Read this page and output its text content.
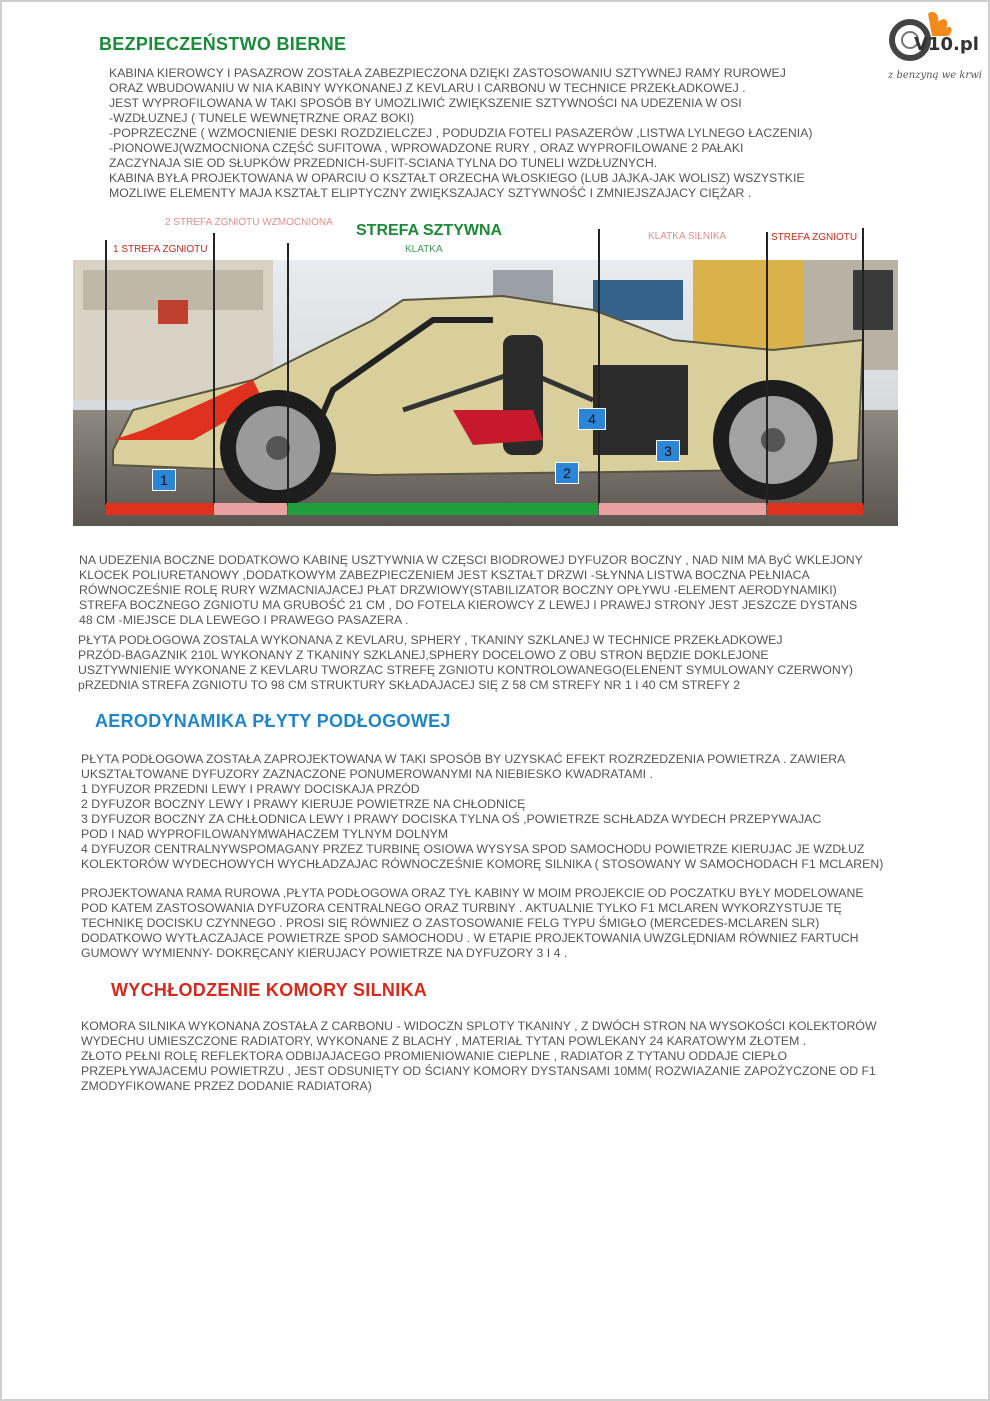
V10.pl
z benzyną we krwi
BEZPIECZEŃSTWO BIERNE

KABINA KIEROWCY I PASAZROW ZOSTAŁA ZABEZPIECZONA DZIĘKI ZASTOSOWANIU SZTYWNEJ RAMY RUROWEJ
ORAZ WBUDOWANIU W NIA KABINY WYKONANEJ Z KEVLARU I CARBONU W TECHNICE PRZEKŁADKOWEJ .
JEST WYPROFILOWANA W TAKI SPOSÓB BY UMOZLIWIĆ ZWIĘKSZENIE SZTYWNOŚCI NA UDEZENIA W OSI
-WZDŁUZNEJ ( TUNELE WEWNĘTRZNE ORAZ BOKI)
-POPRZECZNE ( WZMOCNIENIE DESKI ROZDZIELCZEJ , PODUDZIA FOTELI PASAZERÓW ,LISTWA LYLNEGO ŁACZENIA)
-PIONOWEJ(WZMOCNIONA CZĘŚĆ SUFITOWA , WPROWADZONE RURY , ORAZ WYPROFILOWANE 2 PAŁAKI
ZACZYNAJA SIE OD SŁUPKÓW PRZEDNICH-SUFIT-SCIANA TYLNA DO TUNELI WZDŁUZNYCH.
KABINA BYŁA PROJEKTOWANA W OPARCIU O KSZTAŁT ORZECHA WŁOSKIEGO (LUB JAJKA-JAK WOLISZ) WSZYSTKIE
MOZLIWE ELEMENTY MAJA KSZTAŁT ELIPTYCZNY ZWIĘKSZAJACY SZTYWNOŚĆ I ZMNIEJSZAJACY CIĘŻAR .

2 STREFA ZGNIOTU WZMOCNIONA
1 STREFA ZGNIOTU
STREFA SZTYWNA
KLATKA
KLATKA SILNIKA	STREFA ZGNIOTU
1	2
3
4

NA UDEZENIA BOCZNE DODATKOWO KABINĘ USZTYWNIA W CZĘSCI BIODROWEJ DYFUZOR BOCZNY , NAD NIM MA ByĆ WKLEJONY
KLOCEK POLIURETANOWY ,DODATKOWYM ZABEZPIECZENIEM JEST KSZTAŁT DRZWI -SŁYNNA LISTWA BOCZNA PEŁNIACA
RÓWNOCZEŚNIE ROLĘ RURY WZMACNIAJACEJ PŁAT DRZWIOWY(STABILIZATOR BOCZNY OPŁYWU -ELEMENT AERODYNAMIKI)
STREFA BOCZNEGO ZGNIOTU MA GRUBOŚĆ 21 CM , DO FOTELA KIEROWCY Z LEWEJ I PRAWEJ STRONY JEST JESZCZE DYSTANS
48 CM -MIEJSCE DLA LEWEGO I PRAWEGO PASAZERA .

PŁYTA PODŁOGOWA ZOSTALA WYKONANA Z KEVLARU, SPHERY , TKANINY SZKLANEJ W TECHNICE PRZEKŁADKOWEJ
PRZÓD-BAGAZNIK 210L WYKONANY Z TKANINY SZKLANEJ,SPHERY DOCELOWO Z OBU STRON BĘDZIE DOKLEJONE
USZTYWNIENIE WYKONANE Z KEVLARU TWORZAC STREFĘ ZGNIOTU KONTROLOWANEGO(ELENENT SYMULOWANY CZERWONY)
pRZEDNIA STREFA ZGNIOTU TO 98 CM STRUKTURY SKŁADAJACEJ SIĘ Z 58 CM STREFY NR 1 I 40 CM STREFY 2

AERODYNAMIKA PŁYTY PODŁOGOWEJ

PŁYTA PODŁOGOWA ZOSTAŁA ZAPROJEKTOWANA W TAKI SPOSÓB BY UZYSKAĆ EFEKT ROZRZEDZENIA POWIETRZA . ZAWIERA
UKSZTAŁTOWANE DYFUZORY ZAZNACZONE PONUMEROWANYMI NA NIEBIESKO KWADRATAMI .
1 DYFUZOR PRZEDNI LEWY I PRAWY DOCISKAJA PRZÓD
2 DYFUZOR BOCZNY LEWY I PRAWY KIERUJE POWIETRZE NA CHŁODNICĘ
3 DYFUZOR BOCZNY ZA CHŁŁODNICA LEWY I PRAWY DOCISKA TYLNA OŚ ,POWIETRZE SCHŁADZA WYDECH PRZEPYWAJAC
POD I NAD WYPROFILOWANYMWAHACZEM TYLNYM DOLNYM
4 DYFUZOR CENTRALNYWSPOMAGANY PRZEZ TURBINĘ OSIOWA WYSYSA SPOD SAMOCHODU POWIETRZE KIERUJAC JE WZDŁUZ
KOLEKTORÓW WYDECHOWYCH WYCHŁADZAJAC RÓWNOCZEŚNIE KOMORĘ SILNIKA ( STOSOWANY W SAMOCHODACH F1 MCLAREN)

PROJEKTOWANA RAMA RUROWA ,PŁYTA PODŁOGOWA ORAZ TYŁ KABINY W MOIM PROJEKCIE OD POCZATKU BYŁY MODELOWANE
POD KATEM ZASTOSOWANIA DYFUZORA CENTRALNEGO ORAZ TURBINY . AKTUALNIE TYLKO F1 MCLAREN WYKORZYSTUJE TĘ
TECHNIKĘ DOCISKU CZYNNEGO . PROSI SIĘ RÓWNIEZ O ZASTOSOWANIE FELG TYPU ŚMIGŁO (MERCEDES-MCLAREN SLR)
DODATKOWO WYTŁACZAJACE POWIETRZE SPOD SAMOCHODU . W ETAPIE PROJEKTOWANIA UWZGLĘDNIAM RÓWNIEZ FARTUCH
GUMOWY WYMIENNY- DOKRĘCANY KIERUJACY POWIETRZE NA DYFUZORY 3 I 4 .

WYCHŁODZENIE KOMORY SILNIKA

KOMORA SILNIKA WYKONANA ZOSTAŁA Z CARBONU - WIDOCZN SPLOTY TKANINY , Z DWÓCH STRON NA WYSOKOŚCI KOLEKTORÓW
WYDECHU UMIESZCZONE RADIATORY, WYKONANE Z BLACHY , MATERIAŁ TYTAN POWLEKANY 24 KARATOWYM ZŁOTEM .
ZŁOTO PEŁNI ROLĘ REFLEKTORA ODBIJAJACEGO PROMIENIOWANIE CIEPLNE , RADIATOR Z TYTANU ODDAJE CIEPŁO
PRZEPŁYWAJACEMU POWIETRZU , JEST ODSUNIĘTY OD ŚCIANY KOMORY DYSTANSAMI 10MM( ROZWIAZANIE ZAPOŻYCZONE OD F1
ZMODYFIKOWANE PRZEZ DODANIE RADIATORA)
